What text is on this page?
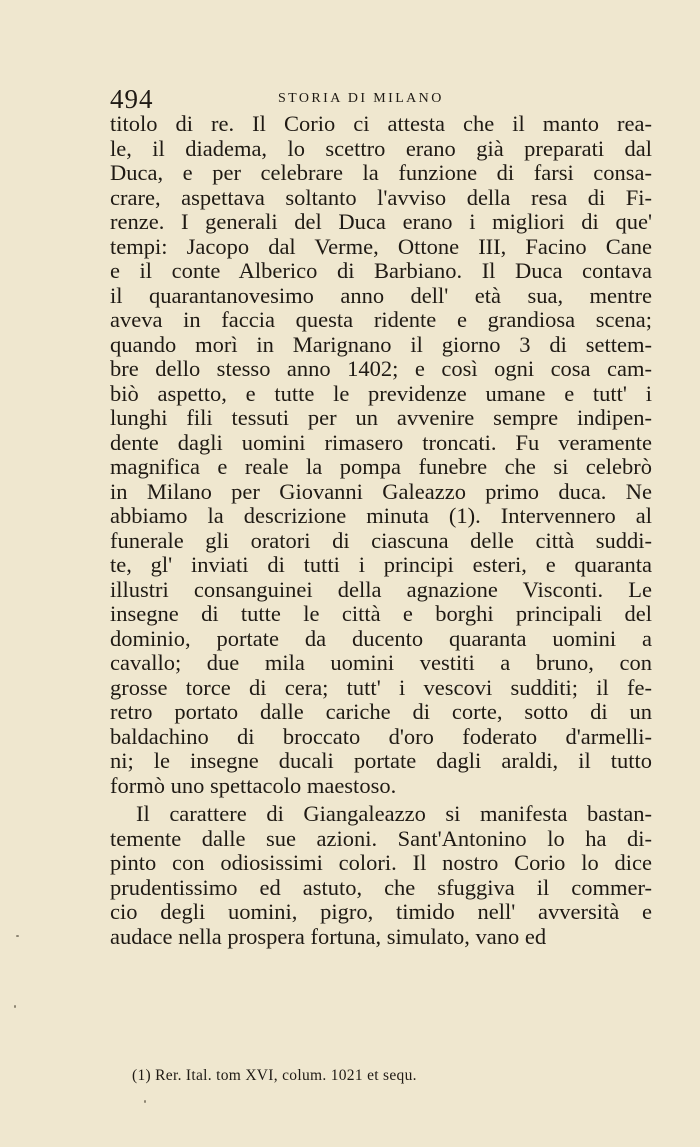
494	STORIA DI MILANO
titolo di re. Il Corio ci attesta che il manto rea-
le, il diadema, lo scettro erano già preparati dal
Duca, e per celebrare la funzione di farsi consa-
crare, aspettava soltanto l'avviso della resa di Fi-
renze. I generali del Duca erano i migliori di que'
tempi: Jacopo dal Verme, Ottone III, Facino Cane
e il conte Alberico di Barbiano. Il Duca contava
il quarantanovesimo anno dell' età sua, mentre
aveva in faccia questa ridente e grandiosa scena;
quando morì in Marignano il giorno 3 di settem-
bre dello stesso anno 1402; e così ogni cosa cam-
biò aspetto, e tutte le previdenze umane e tutt' i
lunghi fili tessuti per un avvenire sempre indipen-
dente dagli uomini rimasero troncati. Fu veramente
magnifica e reale la pompa funebre che si celebrò
in Milano per Giovanni Galeazzo primo duca. Ne
abbiamo la descrizione minuta (1). Intervennero al
funerale gli oratori di ciascuna delle città suddi-
te, gl' inviati di tutti i principi esteri, e quaranta
illustri consanguinei della agnazione Visconti. Le
insegne di tutte le città e borghi principali del
dominio, portate da ducento quaranta uomini a
cavallo; due mila uomini vestiti a bruno, con
grosse torce di cera; tutt' i vescovi sudditi; il fe-
retro portato dalle cariche di corte, sotto di un
baldachino di broccato d'oro foderato d'armelli-
ni; le insegne ducali portate dagli araldi, il tutto
formò uno spettacolo maestoso.
Il carattere di Giangaleazzo si manifesta bastan-
temente dalle sue azioni. Sant'Antonino lo ha di-
pinto con odiosissimi colori. Il nostro Corio lo dice
prudentissimo ed astuto, che sfuggiva il commer-
cio degli uomini, pigro, timido nell' avversità e
audace nella prospera fortuna, simulato, vano ed
(1) Rer. Ital. tom XVI, colum. 1021 et sequ.
